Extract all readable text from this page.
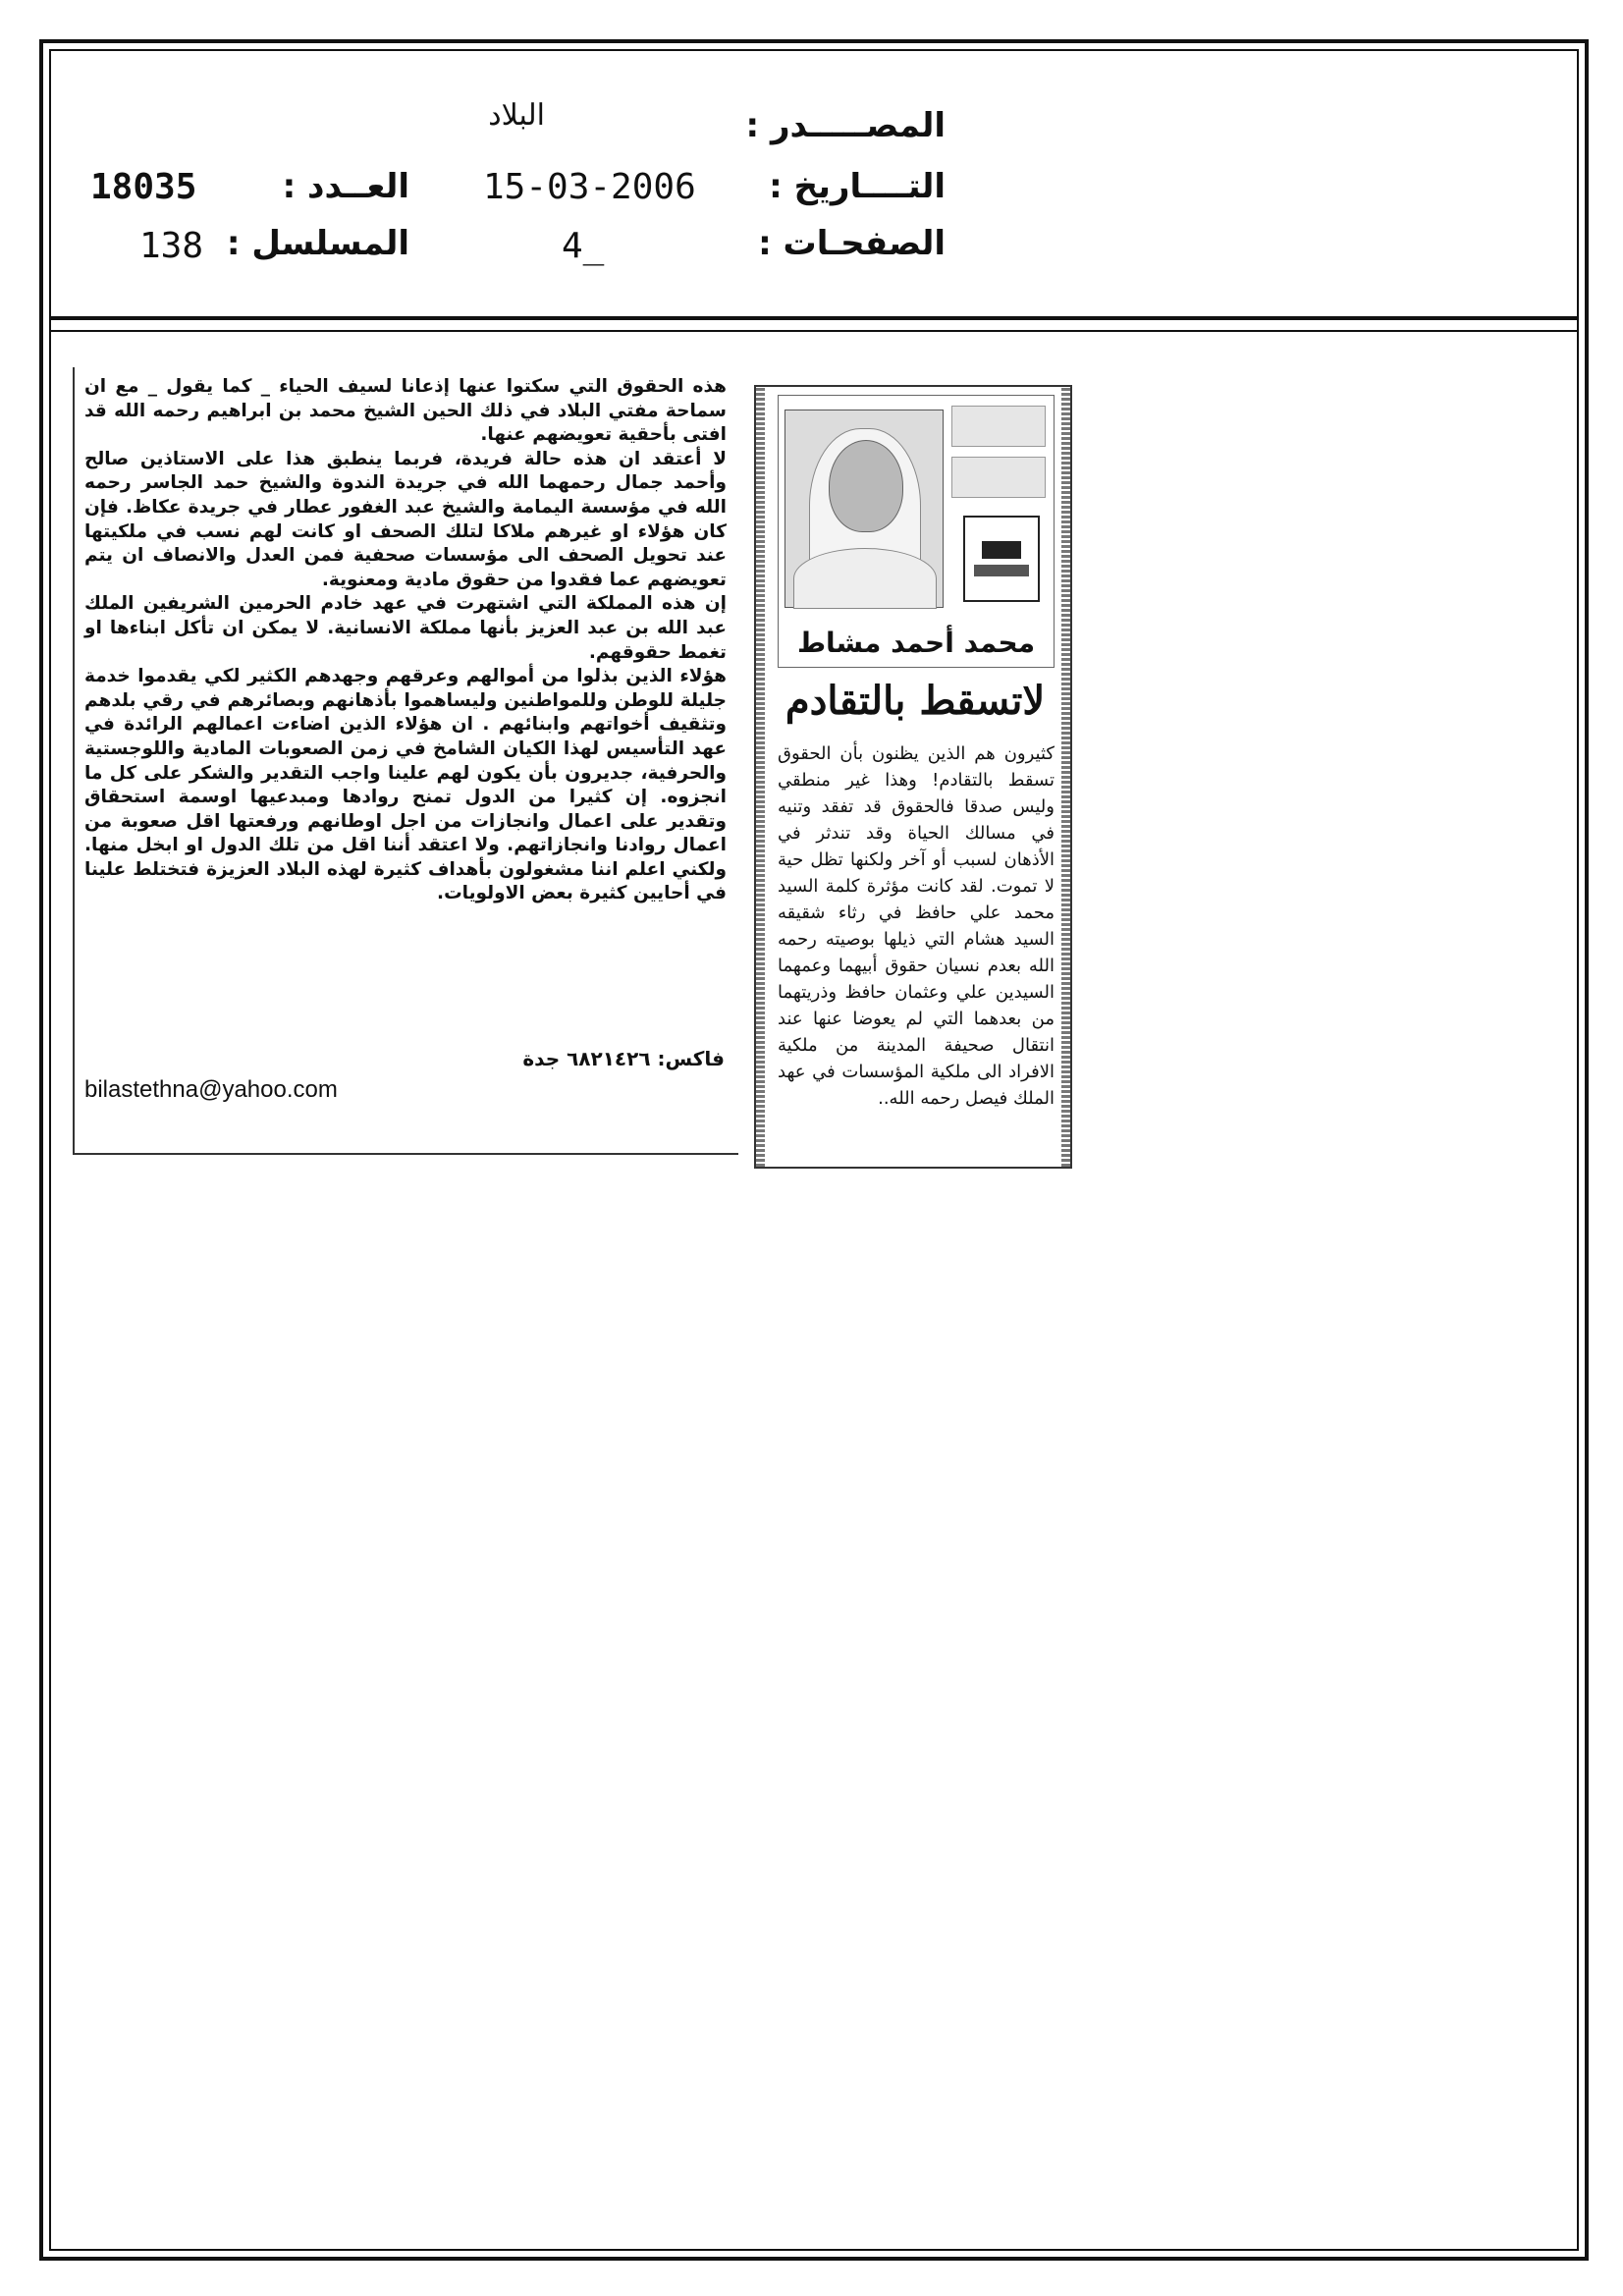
المصـــــدر :
البلاد
التــــاريخ :
15-03-2006
العــدد :
18035
الصفحـات :
4_
المسلسل :
138
محمد أحمد مشاط
لاتسقط بالتقادم
كثيرون هم الذين يظنون بأن الحقوق تسقط بالتقادم! وهذا غير منطقي وليس صدقا فالحقوق قد تفقد وتنيه في مسالك الحياة وقد تندثر في الأذهان لسبب أو آخر ولكنها تظل حية لا تموت. لقد كانت مؤثرة كلمة السيد محمد علي حافظ في رثاء شقيقه السيد هشام التي ذيلها بوصيته رحمه الله بعدم نسيان حقوق أبيهما وعمهما السيدين علي وعثمان حافظ وذريتهما من بعدهما التي لم يعوضا عنها عند انتقال صحيفة المدينة من ملكية الافراد الى ملكية المؤسسات في عهد الملك فيصل رحمه الله..

هذه الحقوق التي سكتوا عنها إذعانا لسيف الحياء _ كما يقول _ مع ان سماحة مفتي البلاد في ذلك الحين الشيخ محمد بن ابراهيم رحمه الله قد افتى بأحقية تعويضهم عنها.

لا أعتقد ان هذه حالة فريدة، فربما ينطبق هذا على الاستاذين صالح وأحمد جمال رحمهما الله في جريدة الندوة والشيخ حمد الجاسر رحمه الله في مؤسسة اليمامة والشيخ عبد الغفور عطار في جريدة عكاظ. فإن كان هؤلاء او غيرهم ملاكا لتلك الصحف او كانت لهم نسب في ملكيتها عند تحويل الصحف الى مؤسسات صحفية فمن العدل والانصاف ان يتم تعويضهم عما فقدوا من حقوق مادية ومعنوية.

إن هذه المملكة التي اشتهرت في عهد خادم الحرمين الشريفين الملك عبد الله بن عبد العزيز بأنها مملكة الانسانية. لا يمكن ان تأكل ابناءها او تغمط حقوقهم.

هؤلاء الذين بذلوا من أموالهم وعرقهم وجهدهم الكثير لكي يقدموا خدمة جليلة للوطن وللمواطنين وليساهموا بأذهانهم وبصائرهم في رقي بلدهم وتثقيف أخواتهم وابنائهم . ان هؤلاء الذين اضاءت اعمالهم الرائدة في عهد التأسيس لهذا الكيان الشامخ في زمن الصعوبات المادية واللوجستية والحرفية، جديرون بأن يكون لهم علينا واجب التقدير والشكر على كل ما انجزوه. إن كثيرا من الدول تمنح روادها ومبدعيها اوسمة استحقاق وتقدير على اعمال وانجازات من اجل اوطانهم ورفعتها اقل صعوبة من اعمال روادنا وانجازاتهم. ولا اعتقد أننا اقل من تلك الدول او ابخل منها. ولكني اعلم اننا مشغولون بأهداف كثيرة لهذه البلاد العزيزة فتختلط علينا في أحايين كثيرة بعض الاولويات.

فاكس: ٦٨٢١٤٢٦ جدة
bilastethna@yahoo.com
